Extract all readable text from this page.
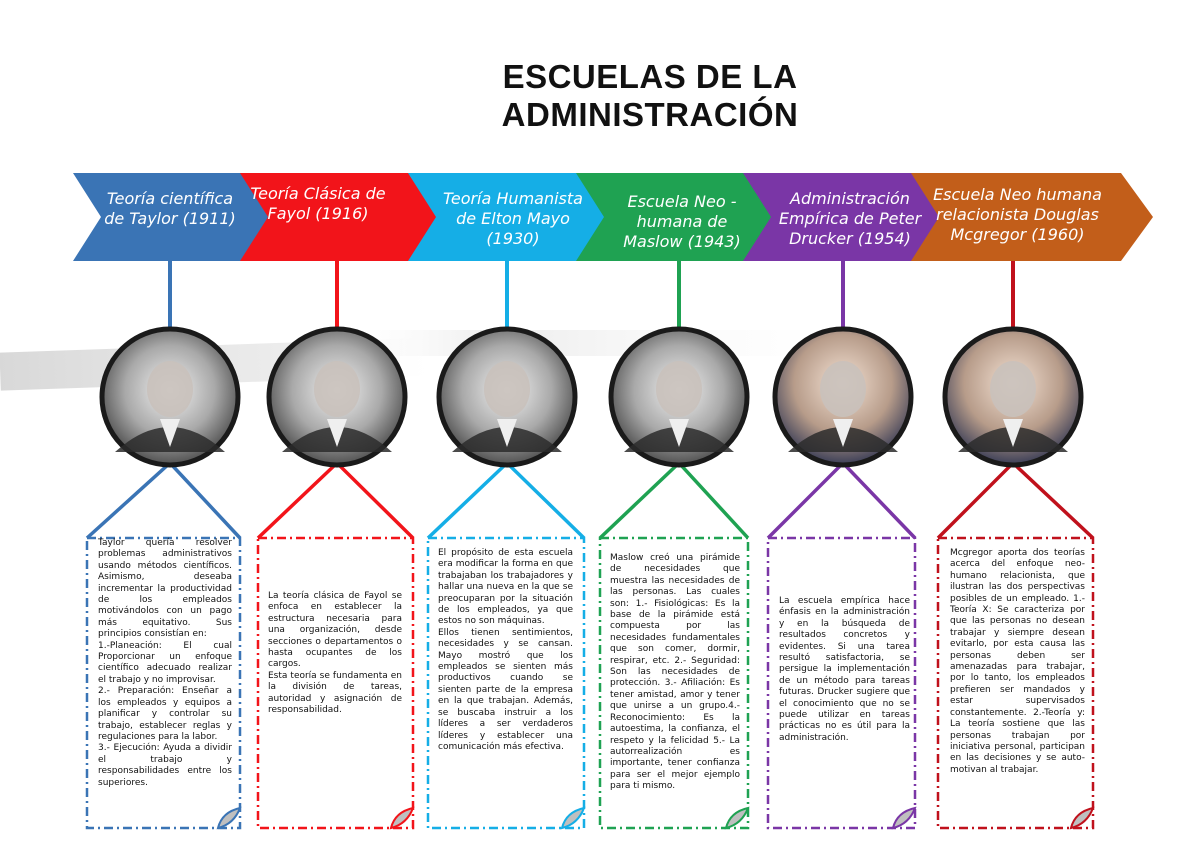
ESCUELAS DE LA ADMINISTRACIÓN
Teoría científica de Taylor (1911)
Taylor quería resolver problemas administrativos usando métodos científicos. Asimismo, deseaba incrementar la productividad de los empleados motivándolos con un pago más equitativo. Sus principios consistían en:
1.-Planeación: El cual Proporcionar un enfoque científico adecuado realizar el trabajo y no improvisar.
2.- Preparación: Enseñar a los empleados y equipos a planificar y controlar su trabajo, establecer reglas y regulaciones para la labor.
3.- Ejecución: Ayuda a dividir el trabajo y responsabilidades entre los superiores.
Teoría Clásica de Fayol (1916)
La teoría clásica de Fayol se enfoca en establecer la estructura necesaria para una organización, desde secciones o departamentos o hasta ocupantes de los cargos.
Esta teoría se fundamenta en la división de tareas, autoridad y asignación de responsabilidad.
Teoría Humanista de Elton Mayo (1930)
El propósito de esta escuela era modificar la forma en que trabajaban los trabajadores y hallar una nueva en la que se preocuparan por la situación de los empleados, ya que estos no son máquinas.
Ellos tienen sentimientos, necesidades y se cansan. Mayo mostró que los empleados se sienten más productivos cuando se sienten parte de la empresa en la que trabajan. Además, se buscaba instruir a los líderes a ser verdaderos líderes y establecer una comunicación más efectiva.
Escuela Neo - humana de Maslow (1943)
Maslow creó una pirámide de necesidades que muestra las necesidades de las personas. Las cuales son: 1.- Fisiológicas: Es la base de la pirámide está compuesta por las necesidades fundamentales que son comer, dormir, respirar, etc. 2.- Seguridad: Son las necesidades de protección. 3.- Afiliación: Es tener amistad, amor y tener que unirse a un grupo.4.- Reconocimiento: Es la autoestima, la confianza, el respeto y la felicidad 5.- La autorrealización es importante, tener confianza para ser el mejor ejemplo para ti mismo.
Administración Empírica de Peter Drucker (1954)
La escuela empírica hace énfasis en la administración y en la búsqueda de resultados concretos y evidentes. Si una tarea resultó satisfactoria, se persigue la implementación de un método para tareas futuras. Drucker sugiere que el conocimiento que no se puede utilizar en tareas prácticas no es útil para la administración.
Escuela Neo humana relacionista Douglas Mcgregor (1960)
Mcgregor aporta dos teorías acerca del enfoque neo-humano relacionista, que ilustran las dos perspectivas posibles de un empleado. 1.- Teoría X: Se caracteriza por que las personas no desean trabajar y siempre desean evitarlo, por esta causa las personas deben ser amenazadas para trabajar, por lo tanto, los empleados prefieren ser mandados y estar supervisados constantemente. 2.-Teoría y: La teoría sostiene que las personas trabajan por iniciativa personal, participan en las decisiones y se auto-motivan al trabajar.
